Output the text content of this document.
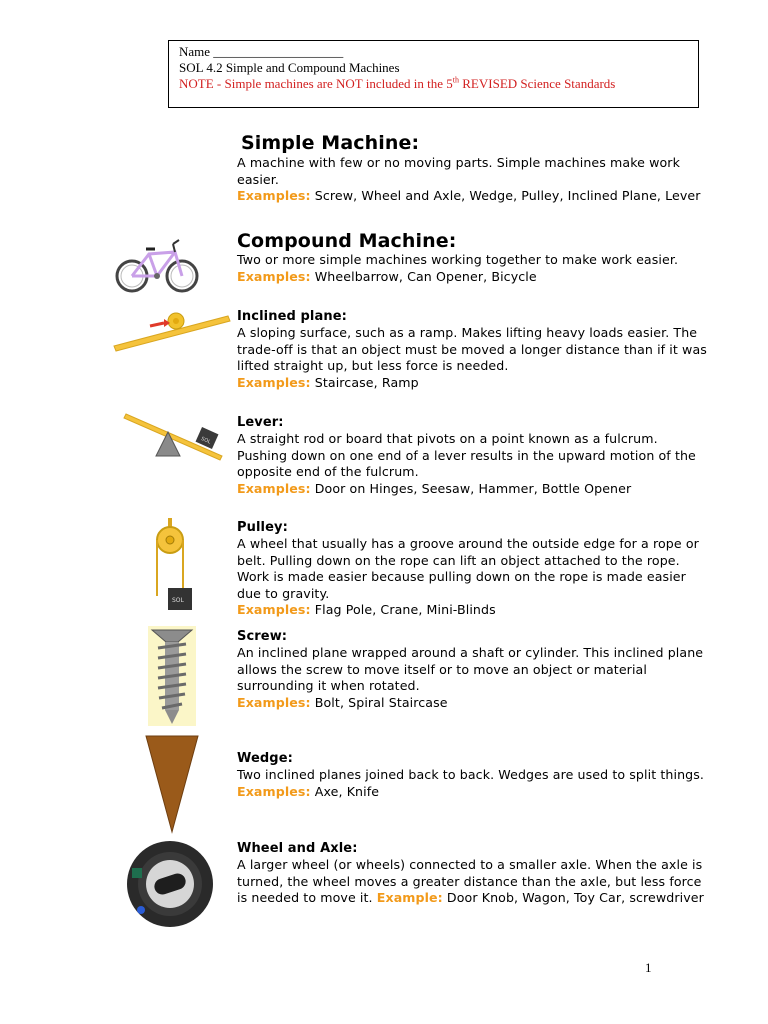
Name ____________________
SOL 4.2 Simple and Compound Machines
NOTE - Simple machines are NOT included in the 5th REVISED Science Standards
Simple Machine:

A machine with few or no moving parts. Simple machines make work easier.

Examples: Screw, Wheel and Axle, Wedge, Pulley, Inclined Plane, Lever

Compound Machine:

Two or more simple machines working together to make work easier.

Examples: Wheelbarrow, Can Opener, Bicycle

Inclined plane:

A sloping surface, such as a ramp. Makes lifting heavy loads easier. The trade-off is that an object must be moved a longer distance than if it was lifted straight up, but less force is needed.

Examples: Staircase, Ramp

SOL
Lever:

A straight rod or board that pivots on a point known as a fulcrum. Pushing down on one end of a lever results in the upward motion of the opposite end of the fulcrum.

Examples: Door on Hinges, Seesaw, Hammer, Bottle Opener

SOL
Pulley:

A wheel that usually has a groove around the outside edge for a rope or belt. Pulling down on the rope can lift an object attached to the rope. Work is made easier because pulling down on the rope is made easier due to gravity.

Examples: Flag Pole, Crane, Mini-Blinds

Screw:

An inclined plane wrapped around a shaft or cylinder. This inclined plane allows the screw to move itself or to move an object or material surrounding it when rotated.

Examples: Bolt, Spiral Staircase

Wedge:

Two inclined planes joined back to back. Wedges are used to split things.

Examples: Axe, Knife

Wheel and Axle:

A larger wheel (or wheels) connected to a smaller axle. When the axle is turned, the wheel moves a greater distance than the axle, but less force is needed to move it. Example: Door Knob, Wagon, Toy Car, screwdriver

1
